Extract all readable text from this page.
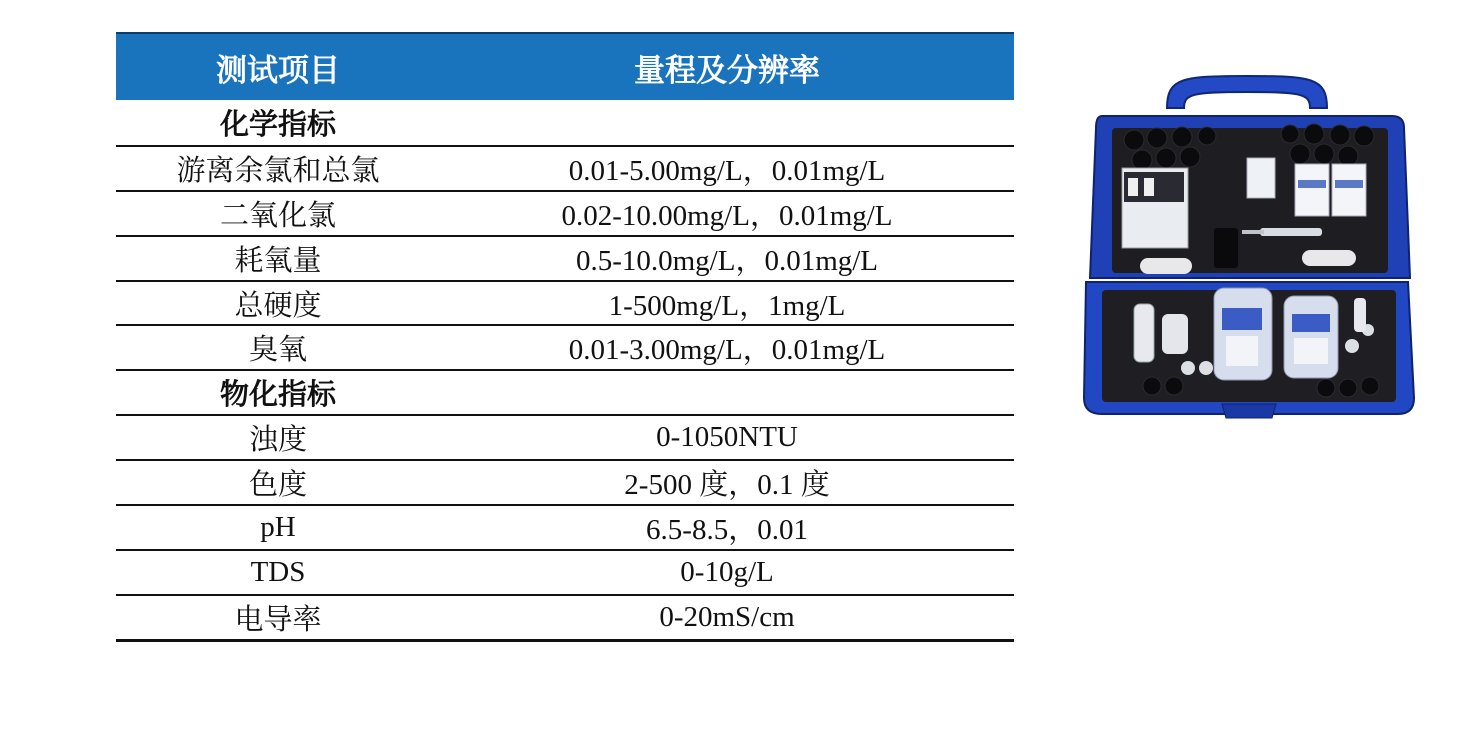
测试项目	量程及分辨率
化学指标
游离余氯和总氯	0.01-5.00mg/L，0.01mg/L
二氧化氯	0.02-10.00mg/L，0.01mg/L
耗氧量	0.5-10.0mg/L，0.01mg/L
总硬度	1-500mg/L，1mg/L
臭氧	0.01-3.00mg/L，0.01mg/L
物化指标
浊度	0-1050NTU
色度	2-500 度，0.1 度
pH	6.5-8.5，0.01
TDS	0-10g/L
电导率	0-20mS/cm
